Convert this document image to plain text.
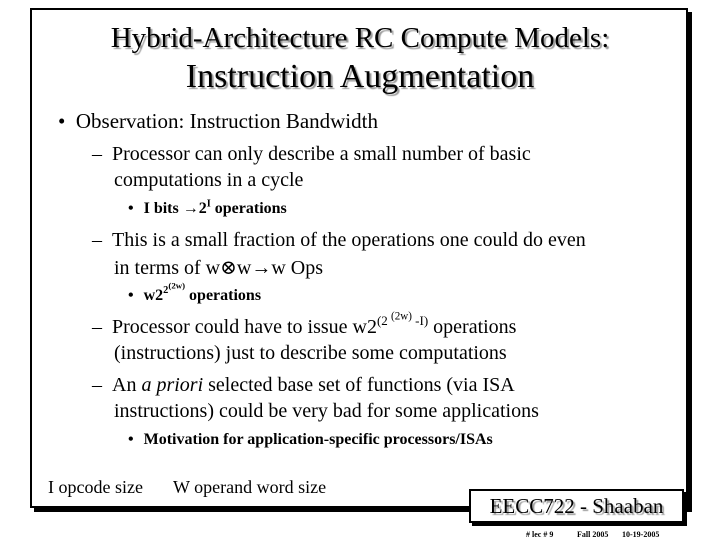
Hybrid-Architecture RC Compute Models:
Instruction Augmentation
• Observation: Instruction Bandwidth
– Processor can only describe a small number of basic
computations in a cycle
• I bits $\to 2^I$ operations
– This is a small fraction of the operations one could do even
in terms of w⊗w→w Ops
• $w2^{2^{(2w)}}$ operations
– Processor could have to issue $w2^{(2 ^{(2w)} -I)}$ operations
(instructions) just to describe some computations
– An a priori selected base set of functions (via ISA
instructions) could be very bad for some applications
• Motivation for application-specific processors/ISAs
I opcode size W operand word size
EECC722 - Shaaban
# lec # 9	Fall 2005 10-19-2005
